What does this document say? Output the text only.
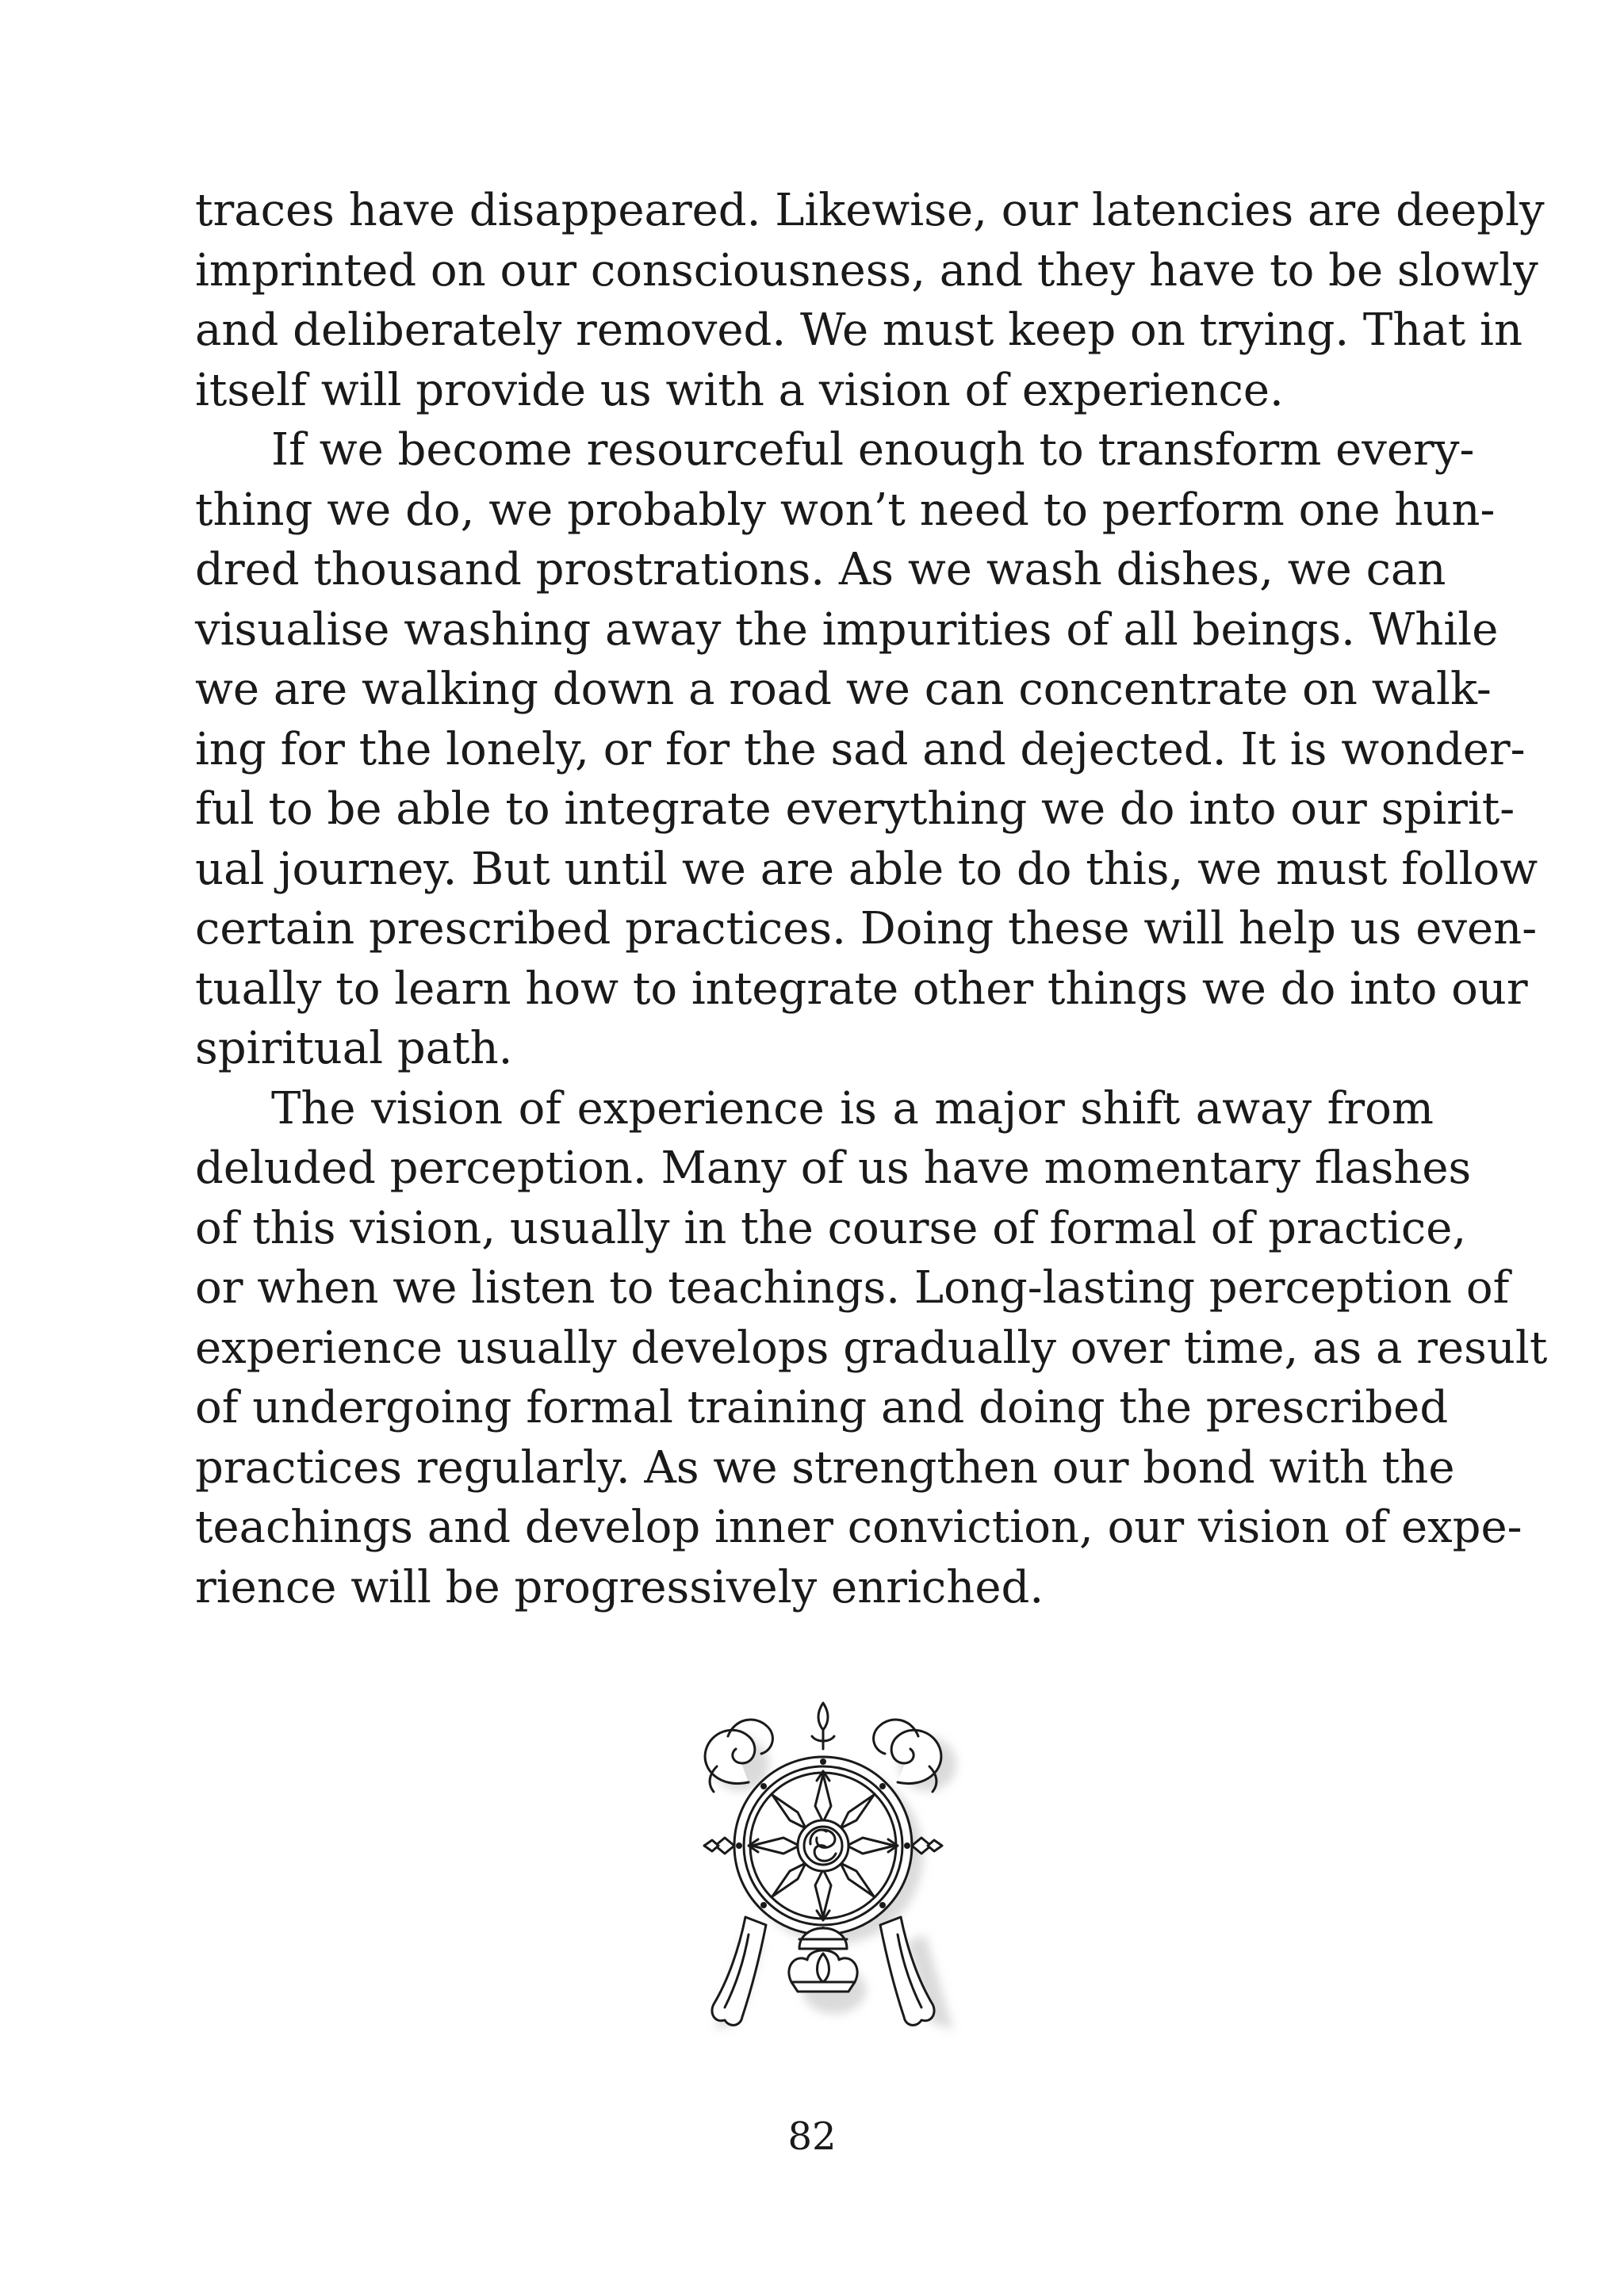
traces have disappeared. Likewise, our latencies are deeply
imprinted on our consciousness, and they have to be slowly
and deliberately removed. We must keep on trying. That in
itself will provide us with a vision of experience.
If we become resourceful enough to transform every-
thing we do, we probably won’t need to perform one hun-
dred thousand prostrations. As we wash dishes, we can
visualise washing away the impurities of all beings. While
we are walking down a road we can concentrate on walk-
ing for the lonely, or for the sad and dejected. It is wonder-
ful to be able to integrate everything we do into our spirit-
ual journey. But until we are able to do this, we must follow
certain prescribed practices. Doing these will help us even-
tually to learn how to integrate other things we do into our
spiritual path.
The vision of experience is a major shift away from
deluded perception. Many of us have momentary flashes
of this vision, usually in the course of formal of practice,
or when we listen to teachings. Long-lasting perception of
experience usually develops gradually over time, as a result
of undergoing formal training and doing the prescribed
practices regularly. As we strengthen our bond with the
teachings and develop inner conviction, our vision of expe-
rience will be progressively enriched.
82
